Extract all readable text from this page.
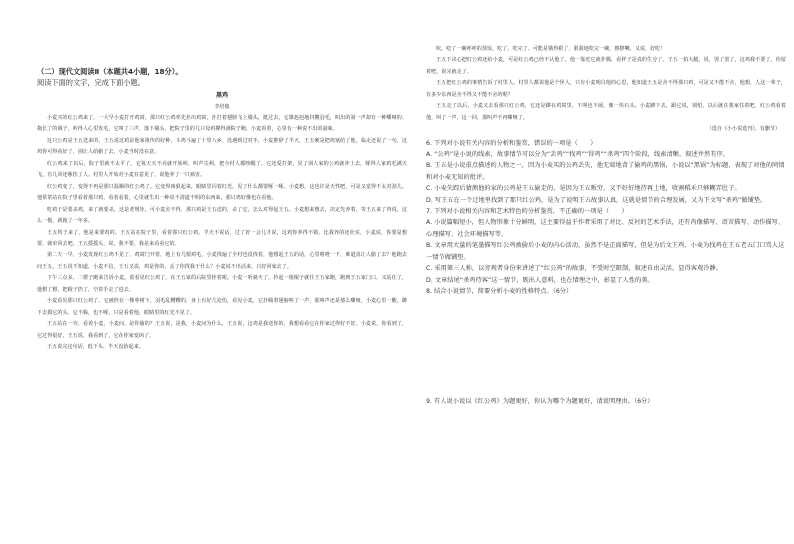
（二）现代文阅读Ⅱ（本题共4小题，18分）。

阅读下面的文字，完成下面小题。

黑鸡

李培俊

小麦买的红公鸡来了。一大早小麦打开鸡窝，那只红公鸡率先扑出鸡窝，扑打着翅膀飞上墙头，挺过去，它雄赳赳地抖擞羽毛，叫出的第一声却有一种嘶哑的、拖长了的调子，听得人心里发毛，它叫了三声，落下墙头，把院子里的几只母鸡撵得满院子跑，小麦看着，心里有一种说不出的滋味。

这只公鸡是王五送来的，王五说这鸡是他家祖传的好种，斗鸡斗遍了十里八乡，没遇到过对手，小麦推辞了半天，王五硬是把鸡塞给了他，临走还说了一句，这鸡你可得看好了，别让人给偷了去，小麦当时没在意。

红公鸡来了以后，院子里就不太平了。它每天天不亮就开始叫，叫声尖利，把全村人都吵醒了。它还爱打架，见了别人家的公鸡就冲上去，啄得人家鸡毛满天飞，有几回还啄伤了人。村里人开始对小麦有意见了，说他养了一只祸害。

红公鸡变了，变得不再是那只温顺的红公鸡了。它变得凶狠起来，眼睛里闪着红光，见了什么都要啄一啄。小麦想，这也许是天性吧，可是又觉得不太对劲儿。他常常站在院子里看着那只鸡，看着看着，心里就生出一种说不清道不明的东西来，那只鸡好像也在看他。

吃鸡子是要杀鸡，来了就要杀，这是老规矩。可小麦舍不得，那只鸡是王五送的，杀了它，怎么对得起王五，小麦想来想去，决定先养着，等王五来了再说，这么一拖，就拖了一年多。

王五终于来了，他是来要鸡的。王五站在院子里，看着那只红公鸡，半天不说话，过了好一会儿才说，这鸡你养得不错，比我养的还壮实，小麦说，你要是想要，就牵回去吧，王五摇摇头，说，我不要，我是来看看它的。

第二天一早，小麦发现红公鸡不见了。鸡窝门开着，地上有几根鸡毛，小麦找遍了全村也没找着，他想起王五的话，心里咯噔一下，难道真让人偷了去？他跑去问王五，王五说不知道，小麦不信，王五又说，鸡是你的，丢了你找我干什么？小麦说不出话来，只好回家去了。

下午三点多，二楞子跑来告诉小麦，说看见红公鸡了，在王五家的后院里拴着呢。小麦一听就火了，拎起一根棍子就往王五家跑，跑到王五家门口，又站住了，他想了想，把棍子扔了，空着手走了进去。

小麦看见那只红公鸡了，它被拴在一棵枣树下，羽毛乱糟糟的，身上有好几处伤，看见小麦，它扑腾着翅膀叫了一声，那叫声还是那么嘶哑，小麦心里一酸，蹲下去摸它的头，它不躲，也不啄，只是看着他，眼睛里的红光不见了。

王五站在一旁，看着小麦，小麦问，是你偷的？王五说，是我，小麦问为什么，王五说，这鸡是我送你的，我想看看它在你家过得好不好。小麦说，你看到了，它过得很好，王五说，我看到了，它在你家变凶了。

王五说完这句话，低下头，半天没抬起来。

吹，吃了一碗呼呼的蒸饭，吃了，吃完了。可能是饿得狠了，狠狠地吃完一碗，擦擦嘴，又说，好吃！

王五下决心把红公鸡还给小麦，可是红公鸡已经不认他了，他一靠近它就扑腾，看样子是真的生分了。王五一拍大腿，说，罢了罢了，这鸡我不要了，你留着吧，说完就走了。

王五把红公鸡的事情告诉了村里人，村里人都说他是个怪人，只有小麦明白他的心思，他知道王五是舍不得那只鸡，可是又不能不舍，他想，人这一辈子，有多少东西是舍不得又不能不舍的呢？

王五走了以后，小麦又去看那只红公鸡，它还是蹲在鸡窝里，不叫也不闹，像一块石头。小麦蹲下去，跟它说，别怕，以后就在我家住着吧，红公鸡看着他，叫了一声，这一回，那叫声不再嘶哑了。

（选自《小小说选刊》，有删节）

6. 下列对小说有关内容的分析和鉴赏，错误的一项是（　　）

A. “公鸡”是小说的线索，故事情节可以分为“丢鸡”“找鸡”“得鸡”“杀鸡”四个阶段，线索清晰，叙述井然有序。

B. 王五是小说重点描述的人物之一，因为小麦买的公鸡丢失，他无端地背了偷鸡的黑锅，小说以“黑锅”为标题，表现了对他的同情和对小麦无知的批评。

C. 小麦失踪后猜测他的家的公鸡是王五偷走的，是因为王五贩穷，又不好好地待再土地，收割稻禾只够糊弄肚子。

D. 写王五在一个迁地里找到了那只红公鸡，是为了说明王五故事认真，这就是情节的合理发展，又为下文写“杀鸡”做铺垫。

7. 下列对小说相关内容和艺术特色的分析鉴赏，不正确的一项是（　　）

A. 小说篇幅短小，但人物形象十分鲜明，这主要得益于作者采用了对比、反衬的艺术手法，还有肖像描写、语言描写、动作描写、心理描写、社会环境描写等。

B. 文章用大量的笔墨描写红公鸡被偷后小麦的内心活动，虽然不是正面描写，但是为后文王鸡、小麦为找鸡在王五老五门口骂人这一情节做铺垫。

C. 采用第三人称，以旁观者身份来讲述了“红公鸡”的故事，不受时空限制，叙述自由灵活，显得客观冷静。

D. 文章结尾“杀鸡待客”这一情节，既出人意料，也在情理之中，彰显了人性的美。

8. 结合小说情节，简要分析小麦的性格特点。（6分）

9. 有人说小说以《红公鸡》为题更好，你认为哪个为题更好，请说明理由。（6分）
